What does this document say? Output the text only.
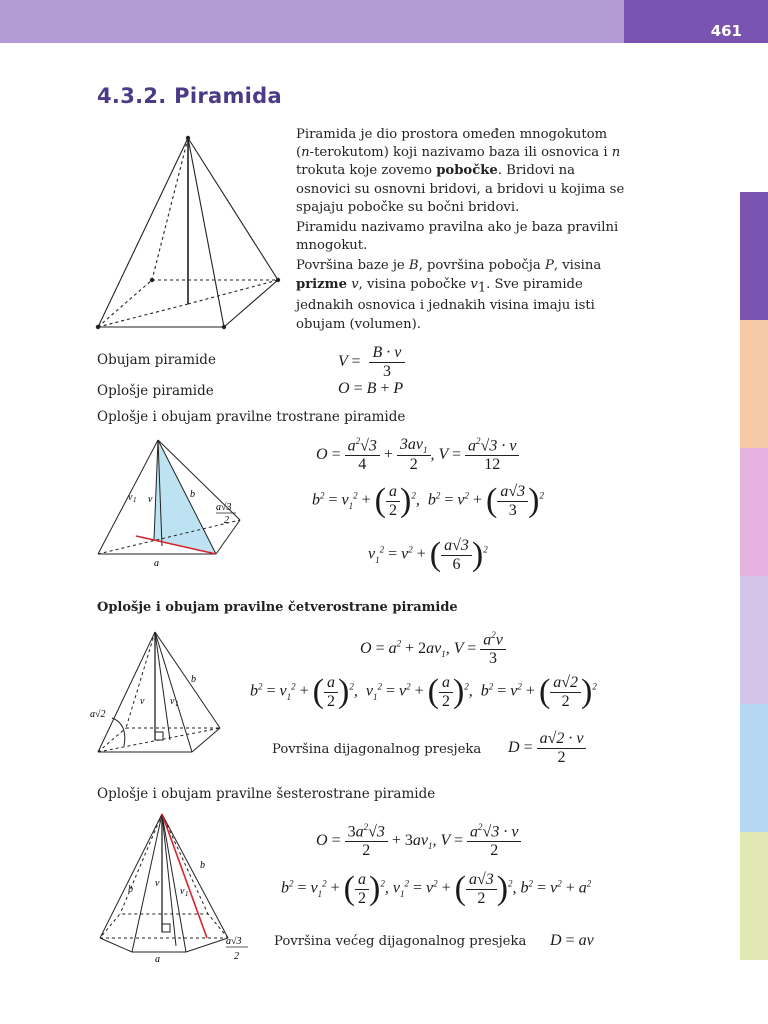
461
4.3.2. Piramida

Piramida je dio prostora omeđen mnogokutom (n-terokutom) koji nazivamo baza ili osnovica i n trokuta koje zovemo pobočke. Bridovi na osnovici su osnovni bridovi, a bridovi u kojima se spajaju pobočke su bočni bridovi.

Piramidu nazivamo pravilna ako je baza pravilni mnogokut.

Površina baze je B, površina pobočja P, visina prizme v, visina pobočke $v_1$. Sve piramide jednakih osnovica i jednakih visina imaju isti obujam (volumen).

Obujam piramide	$V = \frac{B \cdot v}{3}$
Oplošje piramide	O = B + P
Oplošje i obujam pravilne trostrane piramide
v 1 v	b
a
a√3
2
$O = \frac{a^2√3}{4} + \frac{3av_1}{2}$ , $V = \frac{a^2√3 \cdot v}{12}$
$b^2 = v_1^2$ + ( $\frac{a}{2} )^2$,  $b^2 = v^2$ + ( $\frac{a√3}{3} )^2$
$v_1^2 = v^2$ + ( $\frac{a√3}{6} )^2$
Oplošje i obujam pravilne četverostrane piramide
v	v 1
b
a√2
$O = a^2 + 2av_1$, $V = \frac{a^2v}{3}$
$b^2 = v_1^2$ + ( $\frac{a}{2} )^2$,  $v_1^2 = v^2$ + ( $\frac{a}{2} )^2$,  $b^2 = v^2$ + ( $\frac{a√2}{2} )^2$
Površina dijagonalnog presjeka $D = \frac{a√2 \cdot v}{2}$
Oplošje i obujam pravilne šesterostrane piramide
v
v 1
b
b
a
a√3
2
$O = \frac{3a^2√3}{2} + 3av_1$, $V = \frac{a^2√3 \cdot v}{2}$
$b^2 = v_1^2$ + ( $\frac{a}{2} )^2$, $v_1^2 = v^2$ + ( $\frac{a√3}{2} )^2$, $b^2 = v^2 + a^2$
Površina većeg dijagonalnog presjeka D = av
